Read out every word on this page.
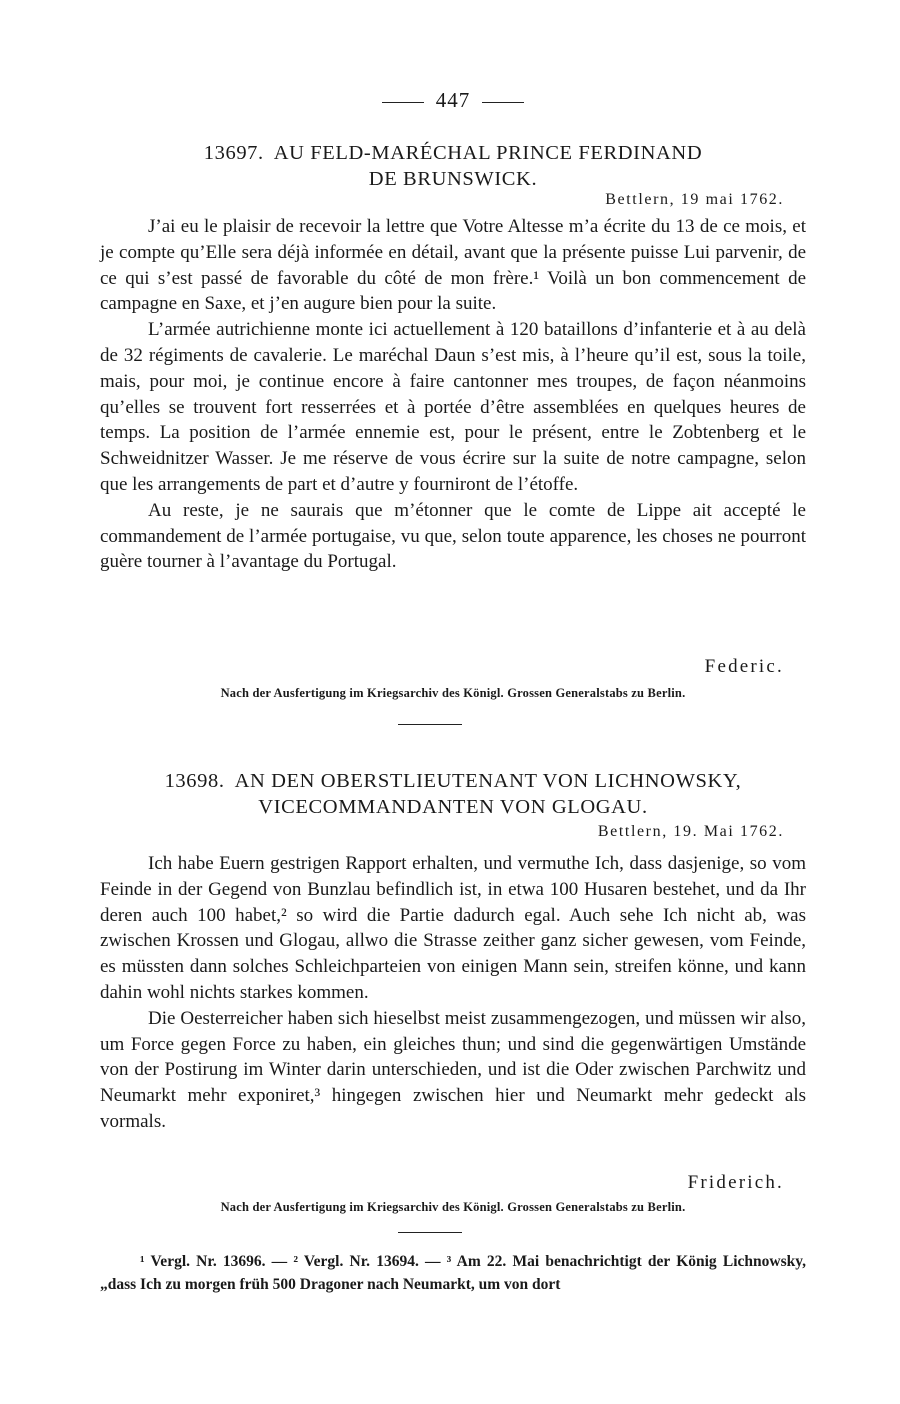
447
13697. AU FELD-MARÉCHAL PRINCE FERDINAND
DE BRUNSWICK.
Bettlern, 19 mai 1762.

J’ai eu le plaisir de recevoir la lettre que Votre Altesse m’a écrite du 13 de ce mois, et je compte qu’Elle sera déjà informée en détail, avant que la présente puisse Lui parvenir, de ce qui s’est passé de favorable du côté de mon frère.¹ Voilà un bon commencement de campagne en Saxe, et j’en augure bien pour la suite.

L’armée autrichienne monte ici actuellement à 120 bataillons d’infanterie et à au delà de 32 régiments de cavalerie. Le maréchal Daun s’est mis, à l’heure qu’il est, sous la toile, mais, pour moi, je continue encore à faire cantonner mes troupes, de façon néanmoins qu’elles se trouvent fort resserrées et à portée d’être assemblées en quelques heures de temps. La position de l’armée ennemie est, pour le présent, entre le Zobtenberg et le Schweidnitzer Wasser. Je me réserve de vous écrire sur la suite de notre campagne, selon que les arrangements de part et d’autre y fourniront de l’étoffe.

Au reste, je ne saurais que m’étonner que le comte de Lippe ait accepté le commandement de l’armée portugaise, vu que, selon toute apparence, les choses ne pourront guère tourner à l’avantage du Portugal.

Federic.
Nach der Ausfertigung im Kriegsarchiv des Königl. Grossen Generalstabs zu Berlin.
13698. AN DEN OBERSTLIEUTENANT VON LICHNOWSKY,
VICECOMMANDANTEN VON GLOGAU.
Bettlern, 19. Mai 1762.

Ich habe Euern gestrigen Rapport erhalten, und vermuthe Ich, dass dasjenige, so vom Feinde in der Gegend von Bunzlau befindlich ist, in etwa 100 Husaren bestehet, und da Ihr deren auch 100 habet,² so wird die Partie dadurch egal. Auch sehe Ich nicht ab, was zwischen Krossen und Glogau, allwo die Strasse zeither ganz sicher gewesen, vom Feinde, es müssten dann solches Schleichparteien von einigen Mann sein, streifen könne, und kann dahin wohl nichts starkes kommen.

Die Oesterreicher haben sich hieselbst meist zusammengezogen, und müssen wir also, um Force gegen Force zu haben, ein gleiches thun; und sind die gegenwärtigen Umstände von der Postirung im Winter darin unterschieden, und ist die Oder zwischen Parchwitz und Neumarkt mehr exponiret,³ hingegen zwischen hier und Neumarkt mehr gedeckt als vormals.

Friderich.
Nach der Ausfertigung im Kriegsarchiv des Königl. Grossen Generalstabs zu Berlin.

¹ Vergl. Nr. 13696. — ² Vergl. Nr. 13694. — ³ Am 22. Mai benachrichtigt der König Lichnowsky, „dass Ich zu morgen früh 500 Dragoner nach Neumarkt, um von dort
